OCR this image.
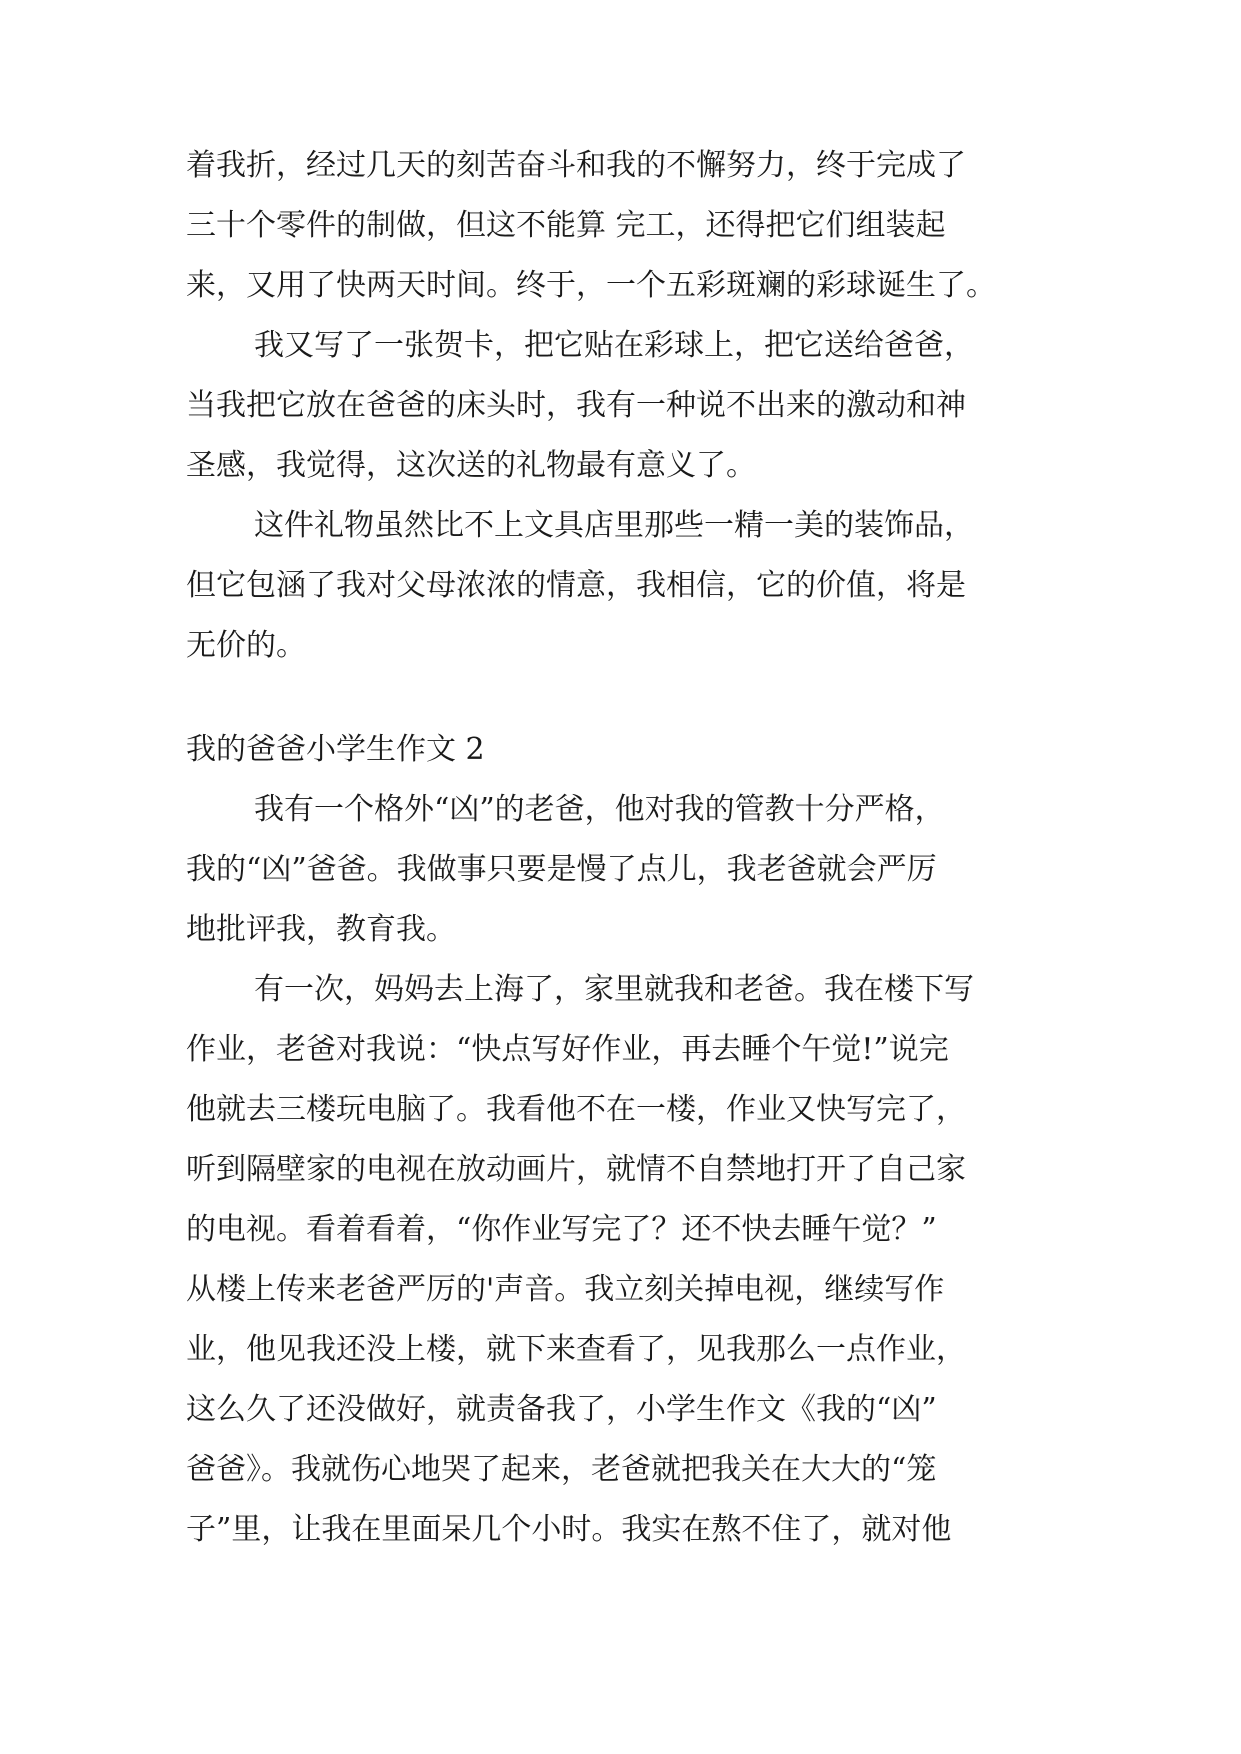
着我折，经过几天的刻苦奋斗和我的不懈努力，终于完成了
三十个零件的制做，但这不能算 完工，还得把它们组装起
来，又用了快两天时间。终于，一个五彩斑斓的彩球诞生了。
我又写了一张贺卡，把它贴在彩球上，把它送给爸爸，
当我把它放在爸爸的床头时，我有一种说不出来的激动和神
圣感，我觉得，这次送的礼物最有意义了。
这件礼物虽然比不上文具店里那些一精一美的装饰品，
但它包涵了我对父母浓浓的情意，我相信，它的价值，将是
无价的。
我的爸爸小学生作文 2
我有一个格外“凶”的老爸，他对我的管教十分严格，
我的“凶”爸爸。我做事只要是慢了点儿，我老爸就会严厉
地批评我，教育我。
有一次，妈妈去上海了，家里就我和老爸。我在楼下写
作业，老爸对我说：“快点写好作业，再去睡个午觉!”说完
他就去三楼玩电脑了。我看他不在一楼，作业又快写完了，
听到隔壁家的电视在放动画片，就情不自禁地打开了自己家
的电视。看着看着，“你作业写完了？还不快去睡午觉？”
从楼上传来老爸严厉的'声音。我立刻关掉电视，继续写作
业，他见我还没上楼，就下来查看了，见我那么一点作业，
这么久了还没做好，就责备我了，小学生作文《我的“凶”
爸爸》。我就伤心地哭了起来，老爸就把我关在大大的“笼
子”里，让我在里面呆几个小时。我实在熬不住了，就对他
